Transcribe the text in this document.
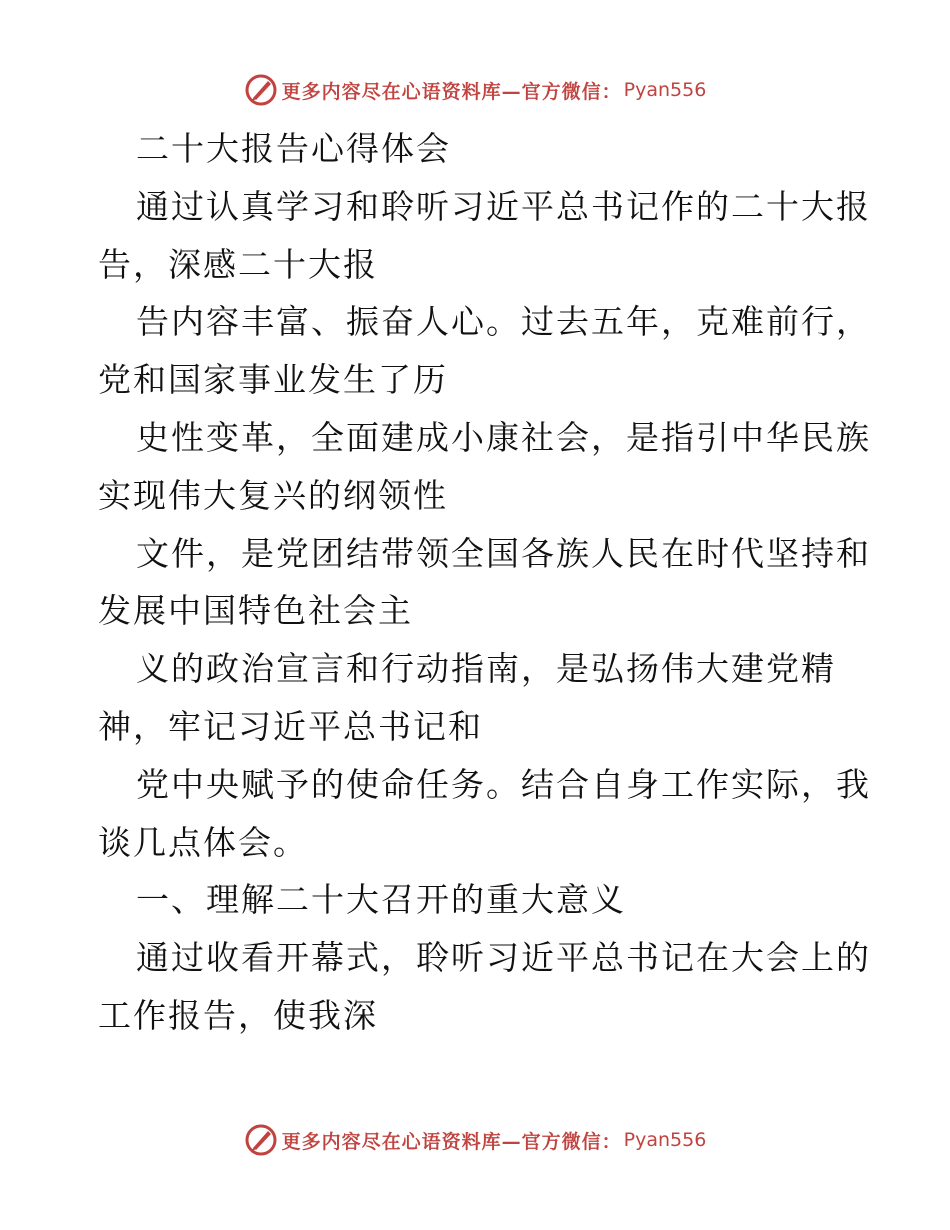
更多内容尽在心语资料库—官方微信： Pyan556
二十大报告心得体会
通过认真学习和聆听习近平总书记作的二十大报
告，深感二十大报
告内容丰富、振奋人心。过去五年，克难前行，
党和国家事业发生了历
史性变革，全面建成小康社会，是指引中华民族
实现伟大复兴的纲领性
文件，是党团结带领全国各族人民在时代坚持和
发展中国特色社会主
义的政治宣言和行动指南，是弘扬伟大建党精
神，牢记习近平总书记和
党中央赋予的使命任务。结合自身工作实际，我
谈几点体会。
一、理解二十大召开的重大意义
通过收看开幕式，聆听习近平总书记在大会上的
工作报告，使我深
更多内容尽在心语资料库—官方微信： Pyan556
